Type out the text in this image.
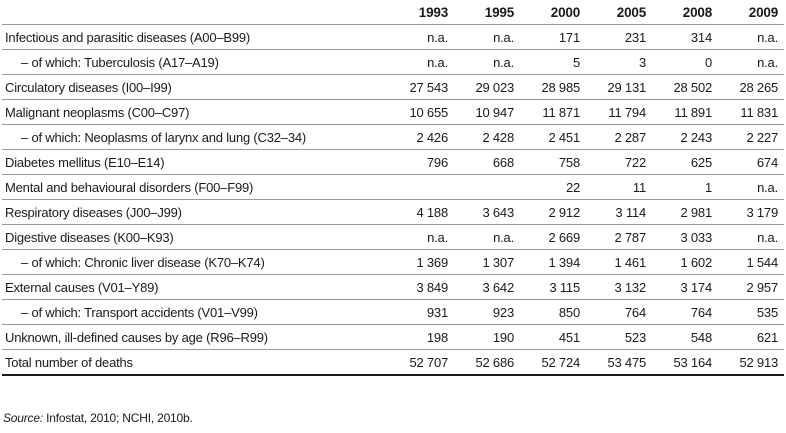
	1993	1995	2000	2005	2008	2009
Infectious and parasitic diseases (A00–B99)	n.a.	n.a.	171	231	314	n.a.
– of which: Tuberculosis (A17–A19)	n.a.	n.a.	5	3	0	n.a.
Circulatory diseases (I00–I99)	27 543	29 023	28 985	29 131	28 502	28 265
Malignant neoplasms (C00–C97)	10 655	10 947	11 871	11 794	11 891	11 831
– of which: Neoplasms of larynx and lung (C32–34)	2 426	2 428	2 451	2 287	2 243	2 227
Diabetes mellitus (E10–E14)	796	668	758	722	625	674
Mental and behavioural disorders (F00–F99)			22	11	1	n.a.
Respiratory diseases (J00–J99)	4 188	3 643	2 912	3 114	2 981	3 179
Digestive diseases (K00–K93)	n.a.	n.a.	2 669	2 787	3 033	n.a.
– of which: Chronic liver disease (K70–K74)	1 369	1 307	1 394	1 461	1 602	1 544
External causes (V01–Y89)	3 849	3 642	3 115	3 132	3 174	2 957
– of which: Transport accidents (V01–V99)	931	923	850	764	764	535
Unknown, ill-defined causes by age (R96–R99)	198	190	451	523	548	621
Total number of deaths	52 707	52 686	52 724	53 475	53 164	52 913
Source: Infostat, 2010; NCHI, 2010b.
